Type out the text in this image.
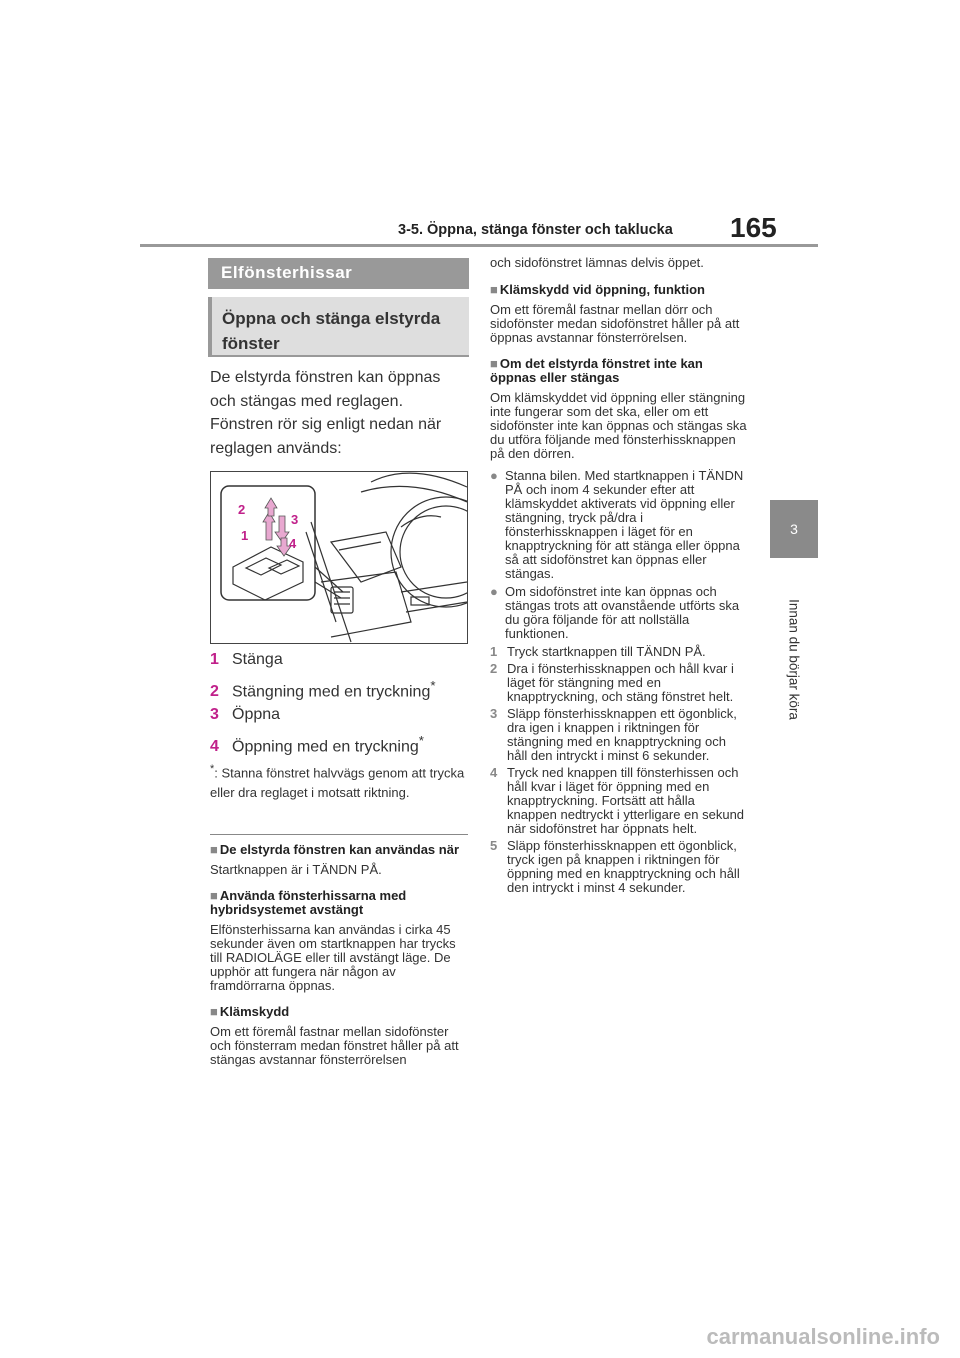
3-5. Öppna, stänga fönster och taklucka 165
3
Innan du börjar köra
Elfönsterhissar
Öppna och stänga elstyrda fönster
De elstyrda fönstren kan öppnas och stängas med reglagen.
Fönstren rör sig enligt nedan när reglagen används:
2
1
3
4
1 Stänga
2 Stängning med en tryckning*
3 Öppna
4 Öppning med en tryckning*
*: Stanna fönstret halvvägs genom att trycka eller dra reglaget i motsatt riktning.
■ De elstyrda fönstren kan användas när
Startknappen är i TÄNDN PÅ.
■ Använda fönsterhissarna med hybridsystemet avstängt
Elfönsterhissarna kan användas i cirka 45 sekunder även om startknappen har trycks till RADIOLÄGE eller till avstängt läge. De upphör att fungera när någon av framdörrarna öppnas.
■ Klämskydd
Om ett föremål fastnar mellan sidofönster och fönsterram medan fönstret håller på att stängas avstannar fönsterrörelsen
och sidofönstret lämnas delvis öppet.
■ Klämskydd vid öppning, funktion
Om ett föremål fastnar mellan dörr och sidofönster medan sidofönstret håller på att öppnas avstannar fönsterrörelsen.
■ Om det elstyrda fönstret inte kan öppnas eller stängas
Om klämskyddet vid öppning eller stängning inte fungerar som det ska, eller om ett sidofönster inte kan öppnas och stängas ska du utföra följande med fönsterhissknappen på den dörren.
● Stanna bilen. Med startknappen i TÄNDN PÅ och inom 4 sekunder efter att klämskyddet aktiverats vid öppning eller stängning, tryck på/dra i fönsterhissknappen i läget för en knapptryckning för att stänga eller öppna så att sidofönstret kan öppnas eller stängas.
● Om sidofönstret inte kan öppnas och stängas trots att ovanstående utförts ska du göra följande för att nollställa funktionen.
1 Tryck startknappen till TÄNDN PÅ.
2 Dra i fönsterhissknappen och håll kvar i läget för stängning med en knapptryckning, och stäng fönstret helt.
3 Släpp fönsterhissknappen ett ögonblick, dra igen i knappen i riktningen för stängning med en knapptryckning och håll den intryckt i minst 6 sekunder.
4 Tryck ned knappen till fönsterhissen och håll kvar i läget för öppning med en knapptryckning. Fortsätt att hålla knappen nedtryckt i ytterligare en sekund när sidofönstret har öppnats helt.
5 Släpp fönsterhissknappen ett ögonblick, tryck igen på knappen i riktningen för öppning med en knapptryckning och håll den intryckt i minst 4 sekunder.
carmanualsonline.info
